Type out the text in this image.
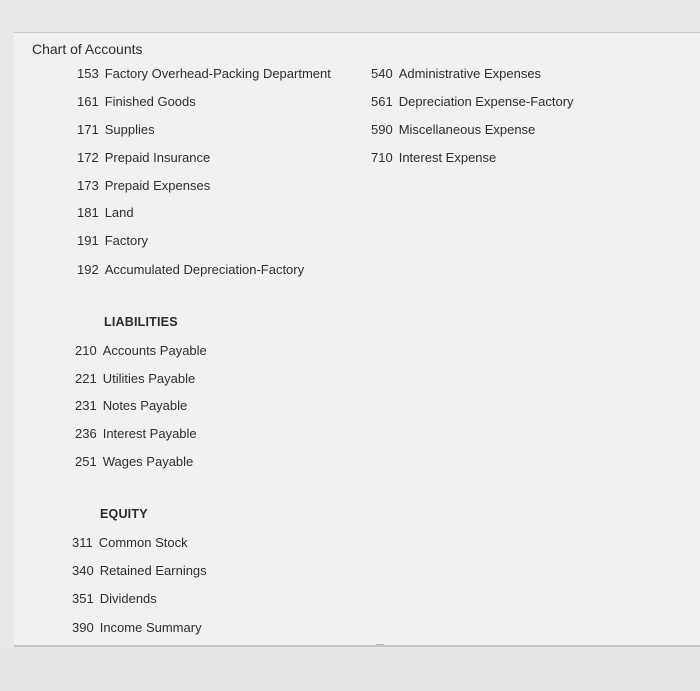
Chart of Accounts
153 Factory Overhead-Packing Department
161 Finished Goods
171 Supplies
172 Prepaid Insurance
173 Prepaid Expenses
181 Land
191 Factory
192 Accumulated Depreciation-Factory
LIABILITIES
210 Accounts Payable
221 Utilities Payable
231 Notes Payable
236 Interest Payable
251 Wages Payable
EQUITY
311 Common Stock
340 Retained Earnings
351 Dividends
390 Income Summary
540 Administrative Expenses
561 Depreciation Expense-Factory
590 Miscellaneous Expense
710 Interest Expense
